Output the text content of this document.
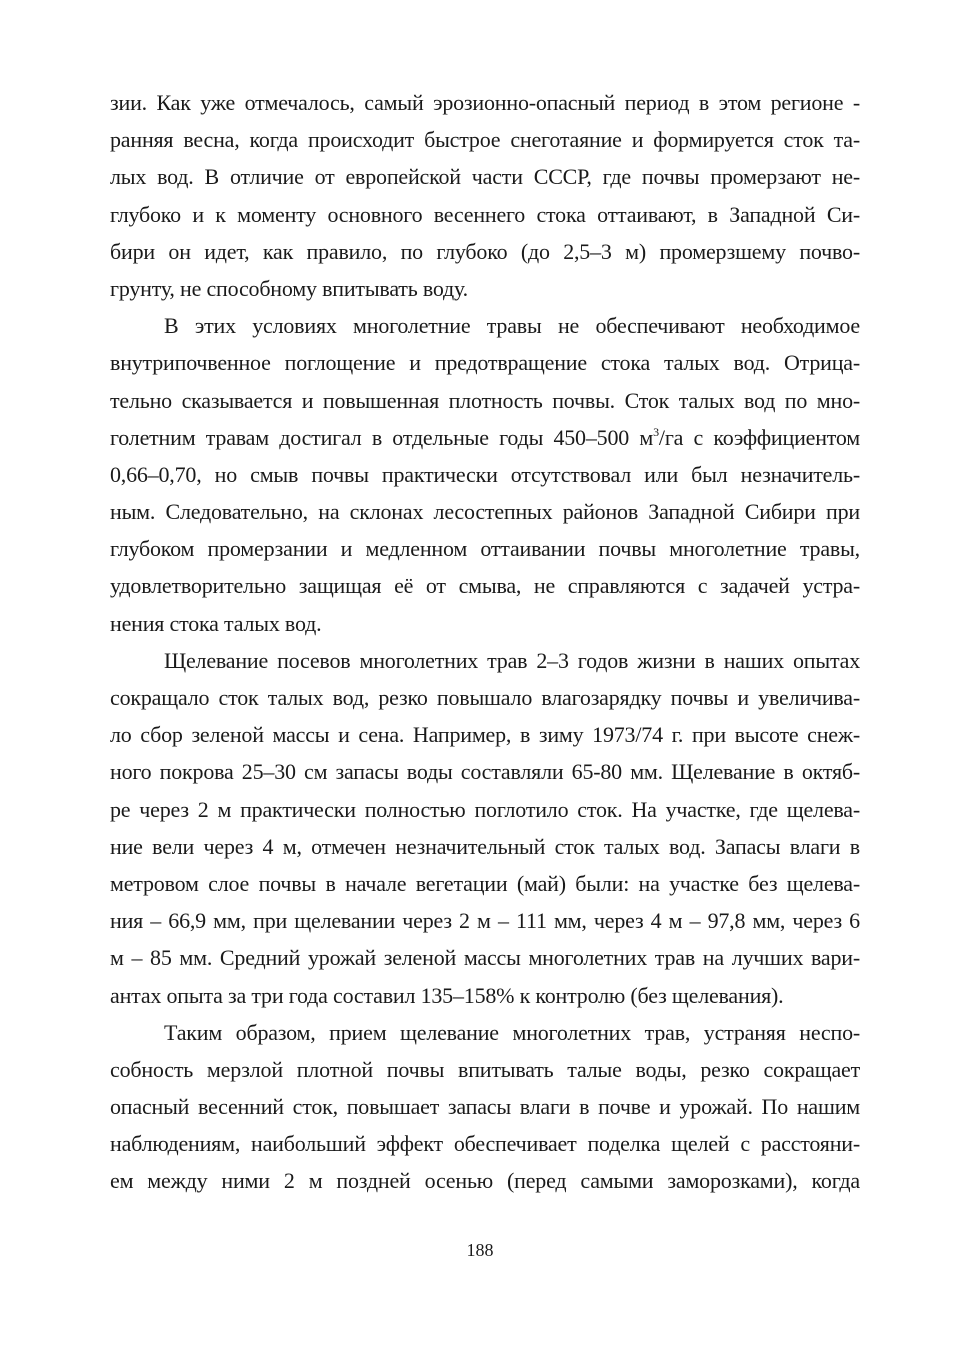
зии. Как уже отмечалось, самый эрозионно-опасный период в этом регионе -
ранняя весна, когда происходит быстрое снеготаяние и формируется сток та-
лых вод. В отличие от европейской части СССР, где почвы промерзают не-
глубоко и к моменту основного весеннего стока оттаивают, в Западной Си-
бири он идет, как правило, по глубоко (до 2,5–3 м) промерзшему почво-
грунту, не способному впитывать воду.
В этих условиях многолетние травы не обеспечивают необходимое
внутрипочвенное поглощение и предотвращение стока талых вод. Отрица-
тельно сказывается и повышенная плотность почвы. Сток талых вод по мно-
голетним травам достигал в отдельные годы 450–500 $м^3/га$ с коэффициентом
0,66–0,70, но смыв почвы практически отсутствовал или был незначитель-
ным. Следовательно, на склонах лесостепных районов Западной Сибири при
глубоком промерзании и медленном оттаивании почвы многолетние травы,
удовлетворительно защищая её от смыва, не справляются с задачей устра-
нения стока талых вод.
Щелевание посевов многолетних трав 2–3 годов жизни в наших опытах
сокращало сток талых вод, резко повышало влагозарядку почвы и увеличива-
ло сбор зеленой массы и сена. Например, в зиму 1973/74 г. при высоте снеж-
ного покрова 25–30 см запасы воды составляли 65-80 мм. Щелевание в октяб-
ре через 2 м практически полностью поглотило сток. На участке, где щелева-
ние вели через 4 м, отмечен незначительный сток талых вод. Запасы влаги в
метровом слое почвы в начале вегетации (май) были: на участке без щелева-
ния – 66,9 мм, при щелевании через 2 м – 111 мм, через 4 м – 97,8 мм, через 6
м – 85 мм. Средний урожай зеленой массы многолетних трав на лучших вари-
антах опыта за три года составил 135–158% к контролю (без щелевания).
Таким образом, прием щелевание многолетних трав, устраняя неспо-
собность мерзлой плотной почвы впитывать талые воды, резко сокращает
опасный весенний сток, повышает запасы влаги в почве и урожай. По нашим
наблюдениям, наибольший эффект обеспечивает поделка щелей с расстояни-
ем между ними 2 м поздней осенью (перед самыми заморозками), когда
188
